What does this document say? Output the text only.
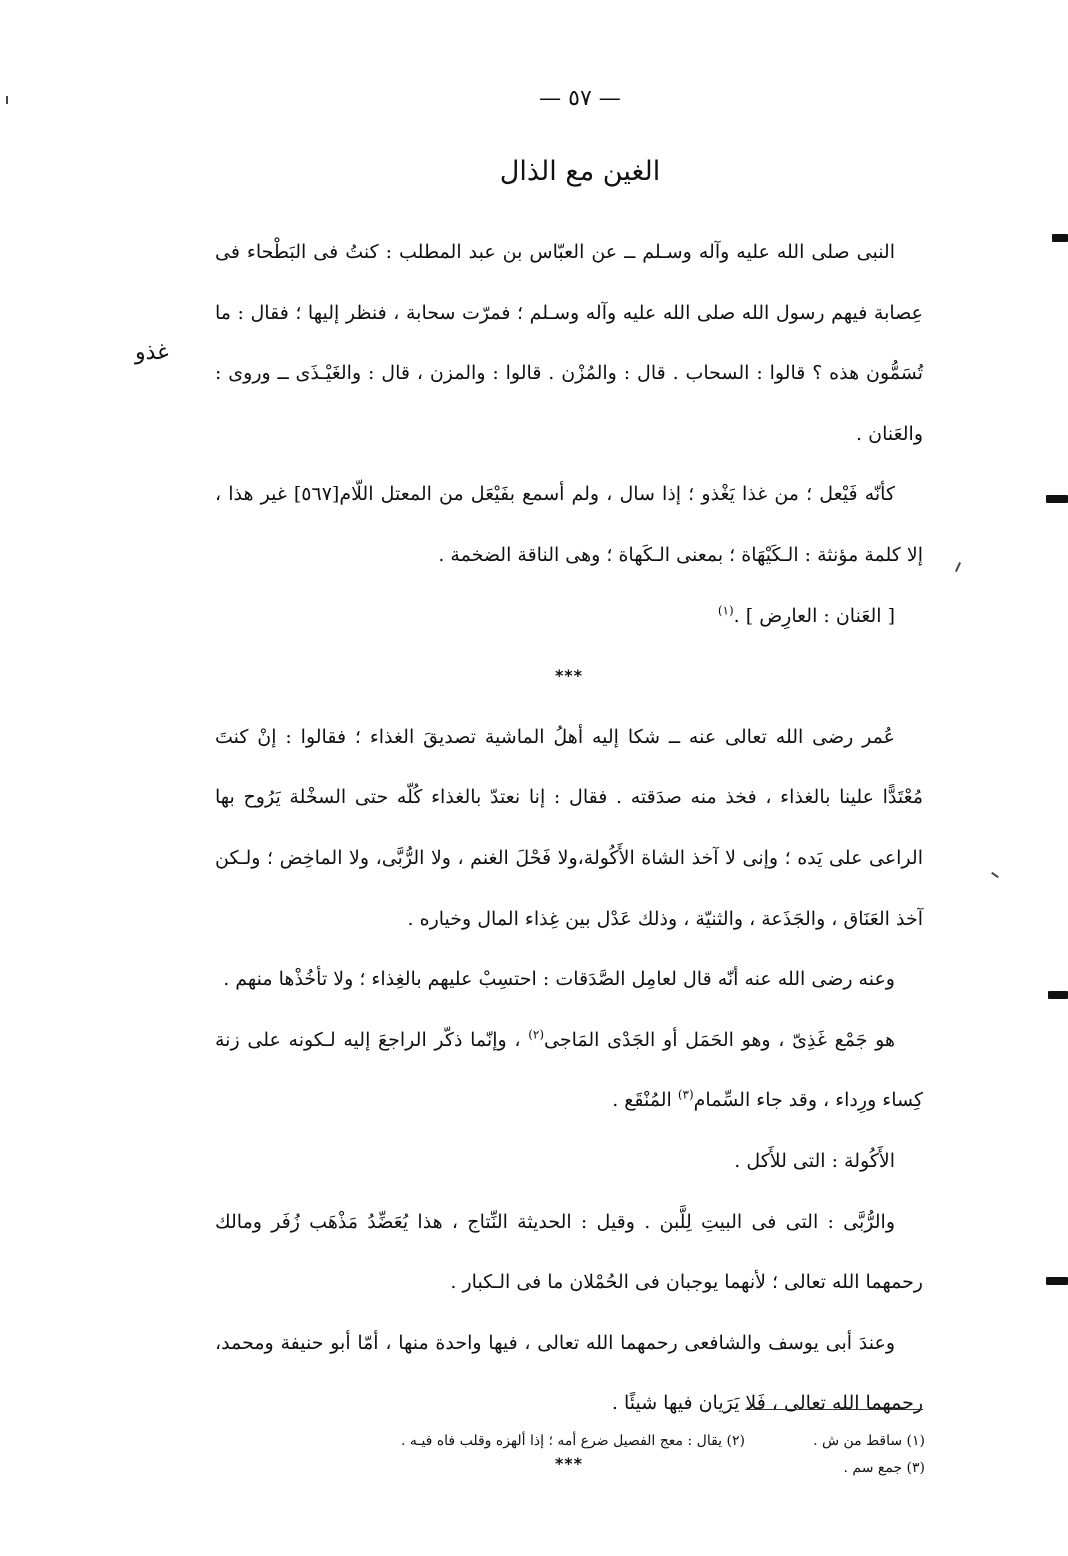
— ٥٧ —
الغين مع الذال
غذو

النبى صلى الله عليه وآله وسـلم ــ عن العبّاس بن عبد المطلب : كنتُ فى البَطْحاء فى عِصابة فيهم رسول الله صلى الله عليه وآله وسـلم ؛ فمرّت سحابة ، فنظر إليها ؛ فقال : ما تُسَمُّون هذه ؟ قالوا : السحاب . قال : والمُزْن . قالوا : والمزن ، قال : والغَيْـذَى ــ وروى : والعَنان .

كأنّه فَيْعل ؛ من غذا يَغْذو ؛ إذا سال ، ولم أسمع بفَيْعَل من المعتل اللّام[٥٦٧] غير هذا ، إلا كلمة مؤنثة : الـكَيْهَاة ؛ بمعنى الـكَهاة ؛ وهى الناقة الضخمة .

[ العَنان : العارِض ] .$^{(١)}$

***

عُمر رضى الله تعالى عنه ــ شكا إليه أهلُ الماشية تصديقَ الغذاء ؛ فقالوا : إنْ كنتَ مُعْتَدًّا علينا بالغذاء ، فخذ منه صدَقته . فقال : إنا نعتدّ بالغذاء كُلّه حتى السخْلة يَرُوح بها الراعى على يَده ؛ وإنى لا آخذ الشاة الأَكُولة،ولا فَحْلَ الغنم ، ولا الرُّبَّى، ولا الماخِض ؛ ولـكن آخذ العَنَاق ، والجَذَعة ، والثنيّة ، وذلك عَدْل بين غِذاء المال وخياره .

وعنه رضى الله عنه أنّه قال لعامِل الصَّدَقات : احتسِبْ عليهم بالغِذاء ؛ ولا تأخُذْها منهم .

هو جَمْع غَذِىّ ، وهو الحَمَل أو الجَدْى المَاجى$^{(٢)}$ ، وإنّما ذكّر الراجعَ إليه لـكونه على زنة كِساء ورِداء ، وقد جاء السِّمام$^{(٣)}$ المُنْقَع .

الأَكُولة : التى للأَكل .

والرُّبَّى : التى فى البيتِ لِلَّبن . وقيل : الحديثة النِّتاج ، هذا يُعَضِّدُ مَذْهَب زُفَر ومالك رحمهما الله تعالى ؛ لأنهما يوجبان فى الحُمْلان ما فى الـكبار .

وعندَ أبى يوسف والشافعى رحمهما الله تعالى ، فيها واحدة منها ، أمّا أبو حنيفة ومحمد، رحمهما الله تعالى ، فَلا يَرَيان فيها شيئًا .

***

(١) ساقط من ش .
(٢) يقال : معج الفصيل ضرع أمه ؛ إذا ألهزه وقلب فاه فيـه .
(٣) جمع سم .
